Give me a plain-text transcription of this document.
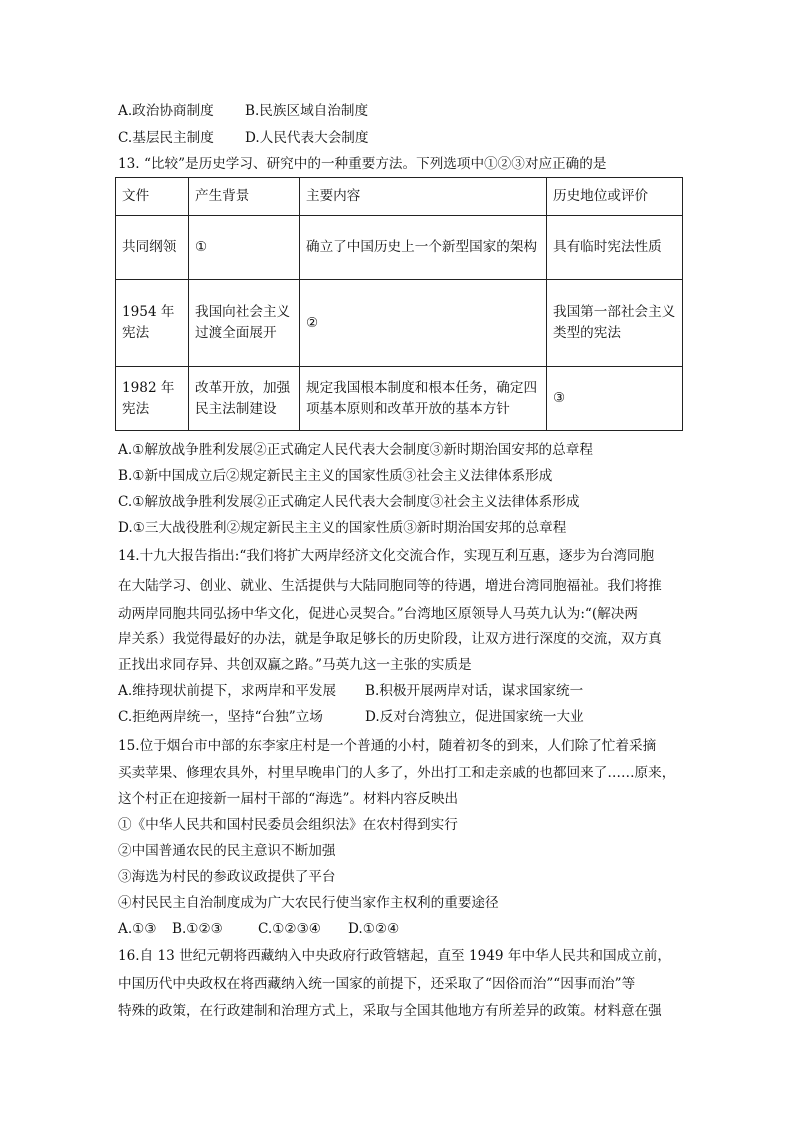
A.政治协商制度 B.民族区域自治制度
C.基层民主制度 D.人民代表大会制度
13. “比较”是历史学习、研究中的一种重要方法。下列选项中①②③对应正确的是
文件	产生背景	主要内容	历史地位或评价
共同纲领	①	确立了中国历史上一个新型国家的架构	具有临时宪法性质
1954 年宪法	我国向社会主义过渡全面展开	②	我国第一部社会主义类型的宪法
1982 年宪法	改革开放，加强民主法制建设	规定我国根本制度和根本任务，确定四项基本原则和改革开放的基本方针	③
A.①解放战争胜利发展②正式确定人民代表大会制度③新时期治国安邦的总章程
B.①新中国成立后②规定新民主主义的国家性质③社会主义法律体系形成
C.①解放战争胜利发展②正式确定人民代表大会制度③社会主义法律体系形成
D.①三大战役胜利②规定新民主主义的国家性质③新时期治国安邦的总章程
14.十九大报告指出:“我们将扩大两岸经济文化交流合作，实现互利互惠，逐步为台湾同胞
在大陆学习、创业、就业、生活提供与大陆同胞同等的待遇，增进台湾同胞福祉。我们将推
动两岸同胞共同弘扬中华文化，促进心灵契合。”台湾地区原领导人马英九认为:“(解决两
岸关系）我觉得最好的办法，就是争取足够长的历史阶段，让双方进行深度的交流，双方真
正找出求同存异、共创双赢之路。”马英九这一主张的实质是
A.维持现状前提下，求两岸和平发展 B.积极开展两岸对话，谋求国家统一
C.拒绝两岸统一，坚持“台独”立场	D.反对台湾独立，促进国家统一大业
15.位于烟台市中部的东李家庄村是一个普通的小村，随着初冬的到来，人们除了忙着采摘
买卖苹果、修理农具外，村里早晚串门的人多了，外出打工和走亲戚的也都回来了……原来，
这个村正在迎接新一届村干部的“海选”。材料内容反映出
①《中华人民共和国村民委员会组织法》在农村得到实行
②中国普通农民的民主意识不断加强
③海选为村民的参政议政提供了平台
④村民民主自治制度成为广大农民行使当家作主权利的重要途径
A.①③ B.①②③	C.①②③④ D.①②④
16.自 13 世纪元朝将西藏纳入中央政府行政管辖起，直至 1949 年中华人民共和国成立前，
中国历代中央政权在将西藏纳入统一国家的前提下，还采取了“因俗而治”“因事而治”等
特殊的政策，在行政建制和治理方式上，采取与全国其他地方有所差异的政策。材料意在强
